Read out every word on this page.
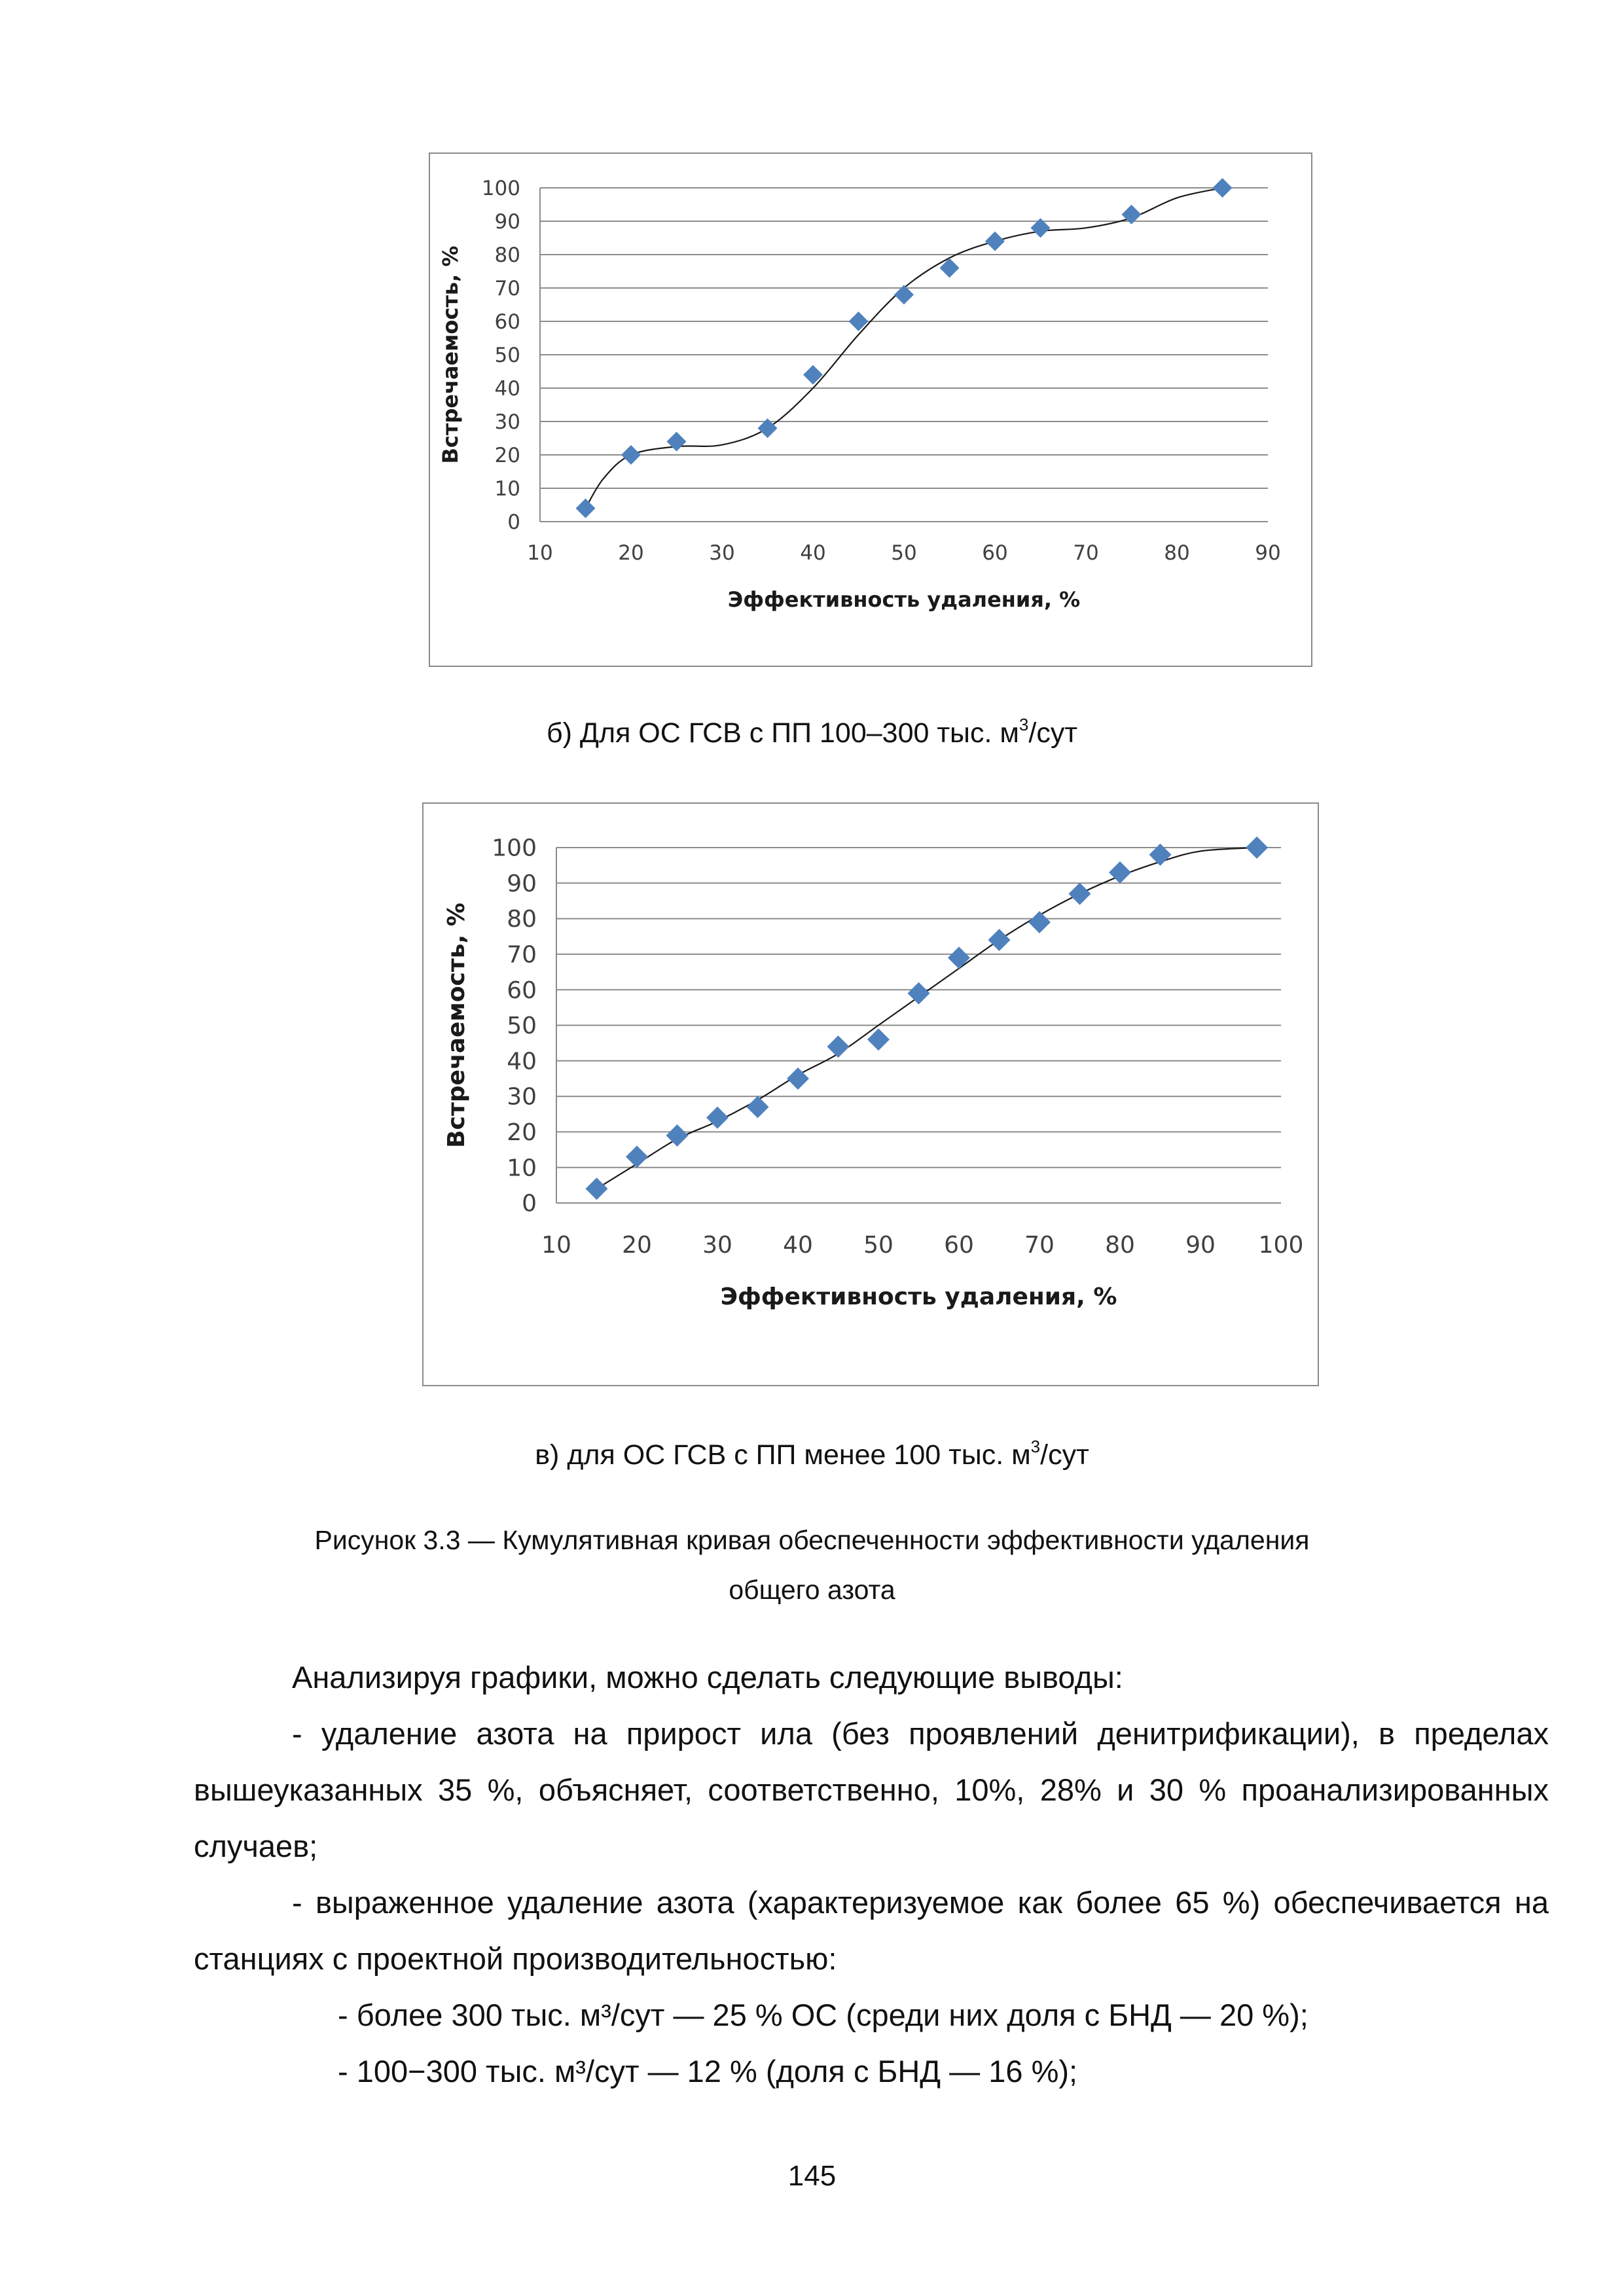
0
10
20
30
40
50
60
70
80
90
100
10	20	30	40	50	60	70	80	90
Эффективность удаления, %
Встречаемость, %
б) Для ОС ГСВ с ПП 100–300 тыс. $м^3$/сут
0
10
20
30
40
50
60
70
80
90
100
10 20 30 40 50 60 70 80 90 100
Эффективность удаления, %
Встречаемость, %
в) для ОС ГСВ с ПП менее 100 тыс. $м^3$/сут
Рисунок 3.3 — Кумулятивная кривая обеспеченности эффективности удаления
общего азота
Анализируя графики, можно сделать следующие выводы:
- удаление азота на прирост ила (без проявлений денитрификации), в пределах вышеуказанных 35 %, объясняет, соответственно, 10%, 28% и 30 % проанализированных случаев;
- выраженное удаление азота (характеризуемое как более 65 %) обеспечивается на станциях с проектной производительностью:
- более 300 тыс. м³/сут — 25 % ОС (среди них доля с БНД — 20 %);
- 100−300 тыс. м³/сут — 12 % (доля с БНД — 16 %);
145
